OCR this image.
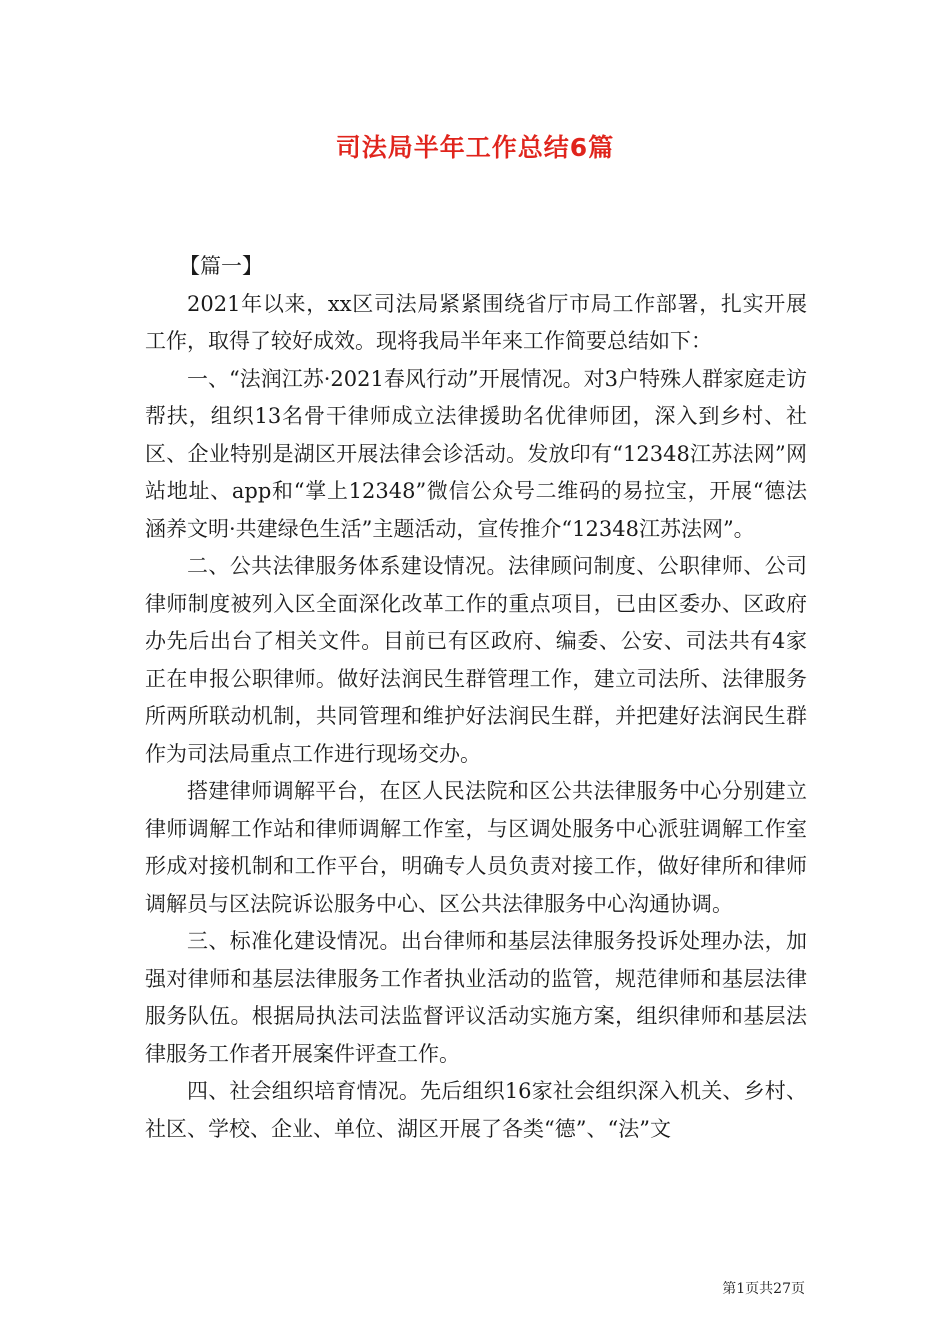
司法局半年工作总结6篇

【篇一】

2021年以来，xx区司法局紧紧围绕省厅市局工作部署，扎实开展工作，取得了较好成效。现将我局半年来工作简要总结如下：

一、“法润江苏·2021春风行动”开展情况。对3户特殊人群家庭走访帮扶，组织13名骨干律师成立法律援助名优律师团，深入到乡村、社区、企业特别是湖区开展法律会诊活动。发放印有“12348江苏法网”网站地址、app和“掌上12348”微信公众号二维码的易拉宝，开展“德法涵养文明·共建绿色生活”主题活动，宣传推介“12348江苏法网”。

二、公共法律服务体系建设情况。法律顾问制度、公职律师、公司律师制度被列入区全面深化改革工作的重点项目，已由区委办、区政府办先后出台了相关文件。目前已有区政府、编委、公安、司法共有4家正在申报公职律师。做好法润民生群管理工作，建立司法所、法律服务所两所联动机制，共同管理和维护好法润民生群，并把建好法润民生群作为司法局重点工作进行现场交办。

搭建律师调解平台，在区人民法院和区公共法律服务中心分别建立律师调解工作站和律师调解工作室，与区调处服务中心派驻调解工作室形成对接机制和工作平台，明确专人员负责对接工作，做好律所和律师调解员与区法院诉讼服务中心、区公共法律服务中心沟通协调。

三、标准化建设情况。出台律师和基层法律服务投诉处理办法，加强对律师和基层法律服务工作者执业活动的监管，规范律师和基层法律服务队伍。根据局执法司法监督评议活动实施方案，组织律师和基层法律服务工作者开展案件评查工作。

四、社会组织培育情况。先后组织16家社会组织深入机关、乡村、社区、学校、企业、单位、湖区开展了各类“德”、“法”文

第1页共27页
